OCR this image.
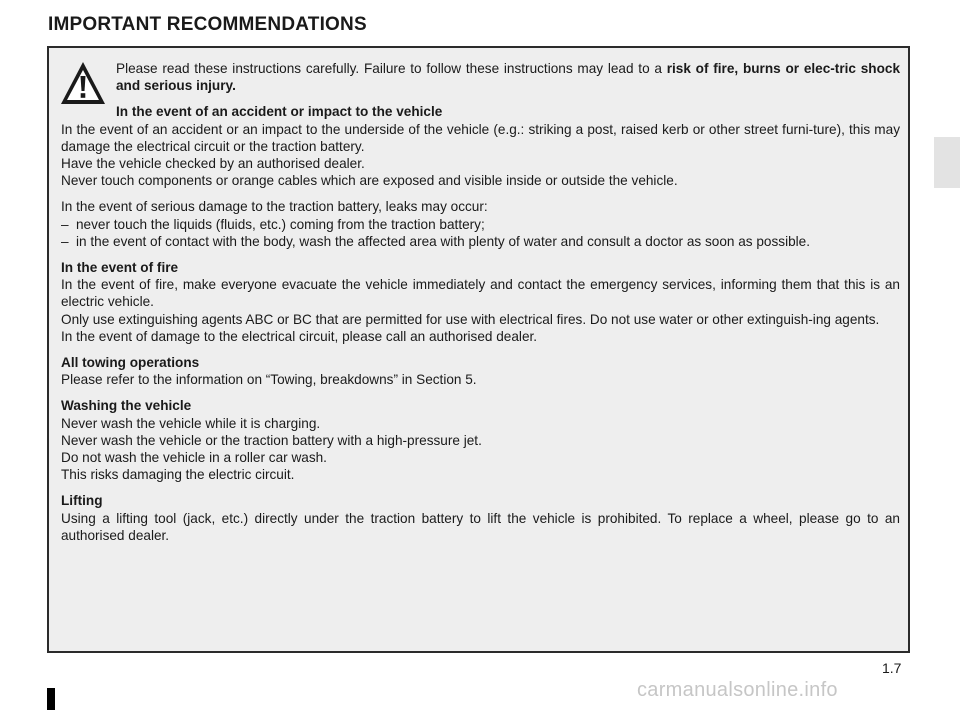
IMPORTANT RECOMMENDATIONS

Please read these instructions carefully. Failure to follow these instructions may lead to a risk of fire, burns or elec-tric shock and serious injury.

In the event of an accident or impact to the vehicle

In the event of an accident or an impact to the underside of the vehicle (e.g.: striking a post, raised kerb or other street furni-ture), this may damage the electrical circuit or the traction battery.

Have the vehicle checked by an authorised dealer.

Never touch components or orange cables which are exposed and visible inside or outside the vehicle.

In the event of serious damage to the traction battery, leaks may occur:

– never touch the liquids (fluids, etc.) coming from the traction battery;
– in the event of contact with the body, wash the affected area with plenty of water and consult a doctor as soon as possible.

In the event of fire

In the event of fire, make everyone evacuate the vehicle immediately and contact the emergency services, informing them that this is an electric vehicle.

Only use extinguishing agents ABC or BC that are permitted for use with electrical fires. Do not use water or other extinguish-ing agents.

In the event of damage to the electrical circuit, please call an authorised dealer.

All towing operations

Please refer to the information on “Towing, breakdowns” in Section 5.

Washing the vehicle

Never wash the vehicle while it is charging.

Never wash the vehicle or the traction battery with a high-pressure jet.

Do not wash the vehicle in a roller car wash.

This risks damaging the electric circuit.

Lifting

Using a lifting tool (jack, etc.) directly under the traction battery to lift the vehicle is prohibited. To replace a wheel, please go to an authorised dealer.

1.7
carmanualsonline.info
